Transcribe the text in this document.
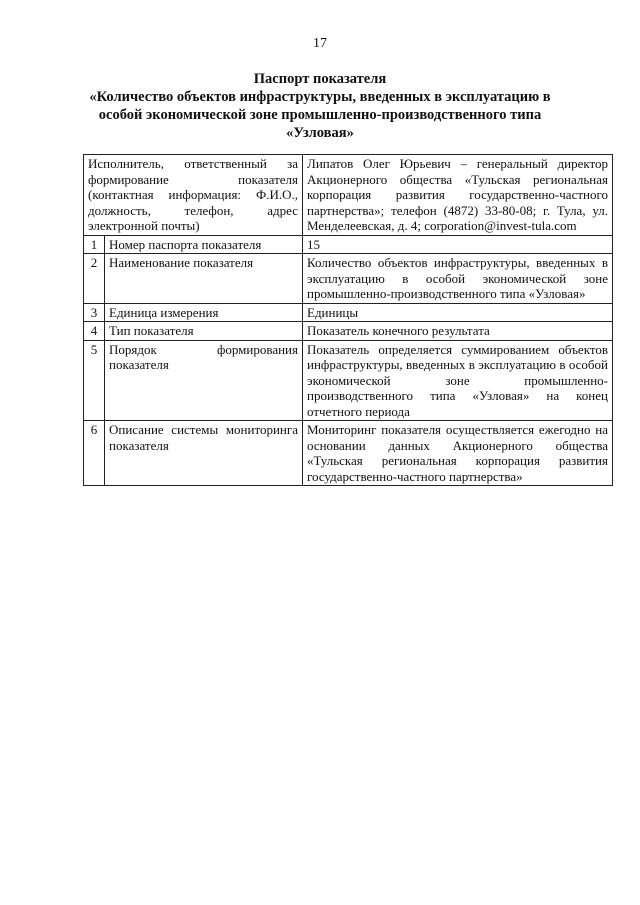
17
Паспорт показателя
«Количество объектов инфраструктуры, введенных в эксплуатацию в
особой экономической зоне промышленно-производственного типа
«Узловая»
Исполнитель, ответственный за формирование показателя (контактная информация: Ф.И.О., должность, телефон, адрес электронной почты)		Липатов Олег Юрьевич – генеральный директор Акционерного общества «Тульская региональная корпорация развития государственно-частного партнерства»; телефон (4872) 33-80-08; г. Тула, ул. Менделеевская, д. 4; corporation@invest-tula.com
1	Номер паспорта показателя	15
2	Наименование показателя	Количество объектов инфраструктуры, введенных в эксплуатацию в особой экономической зоне промышленно-производственного типа «Узловая»
3	Единица измерения	Единицы
4	Тип показателя	Показатель конечного результата
5	Порядок формирования показателя	Показатель определяется суммированием объектов инфраструктуры, введенных в эксплуатацию в особой экономической зоне промышленно-производственного типа «Узловая» на конец отчетного периода
6	Описание системы мониторинга показателя	Мониторинг показателя осуществляется ежегодно на основании данных Акционерного общества «Тульская региональная корпорация развития государственно-частного партнерства»
